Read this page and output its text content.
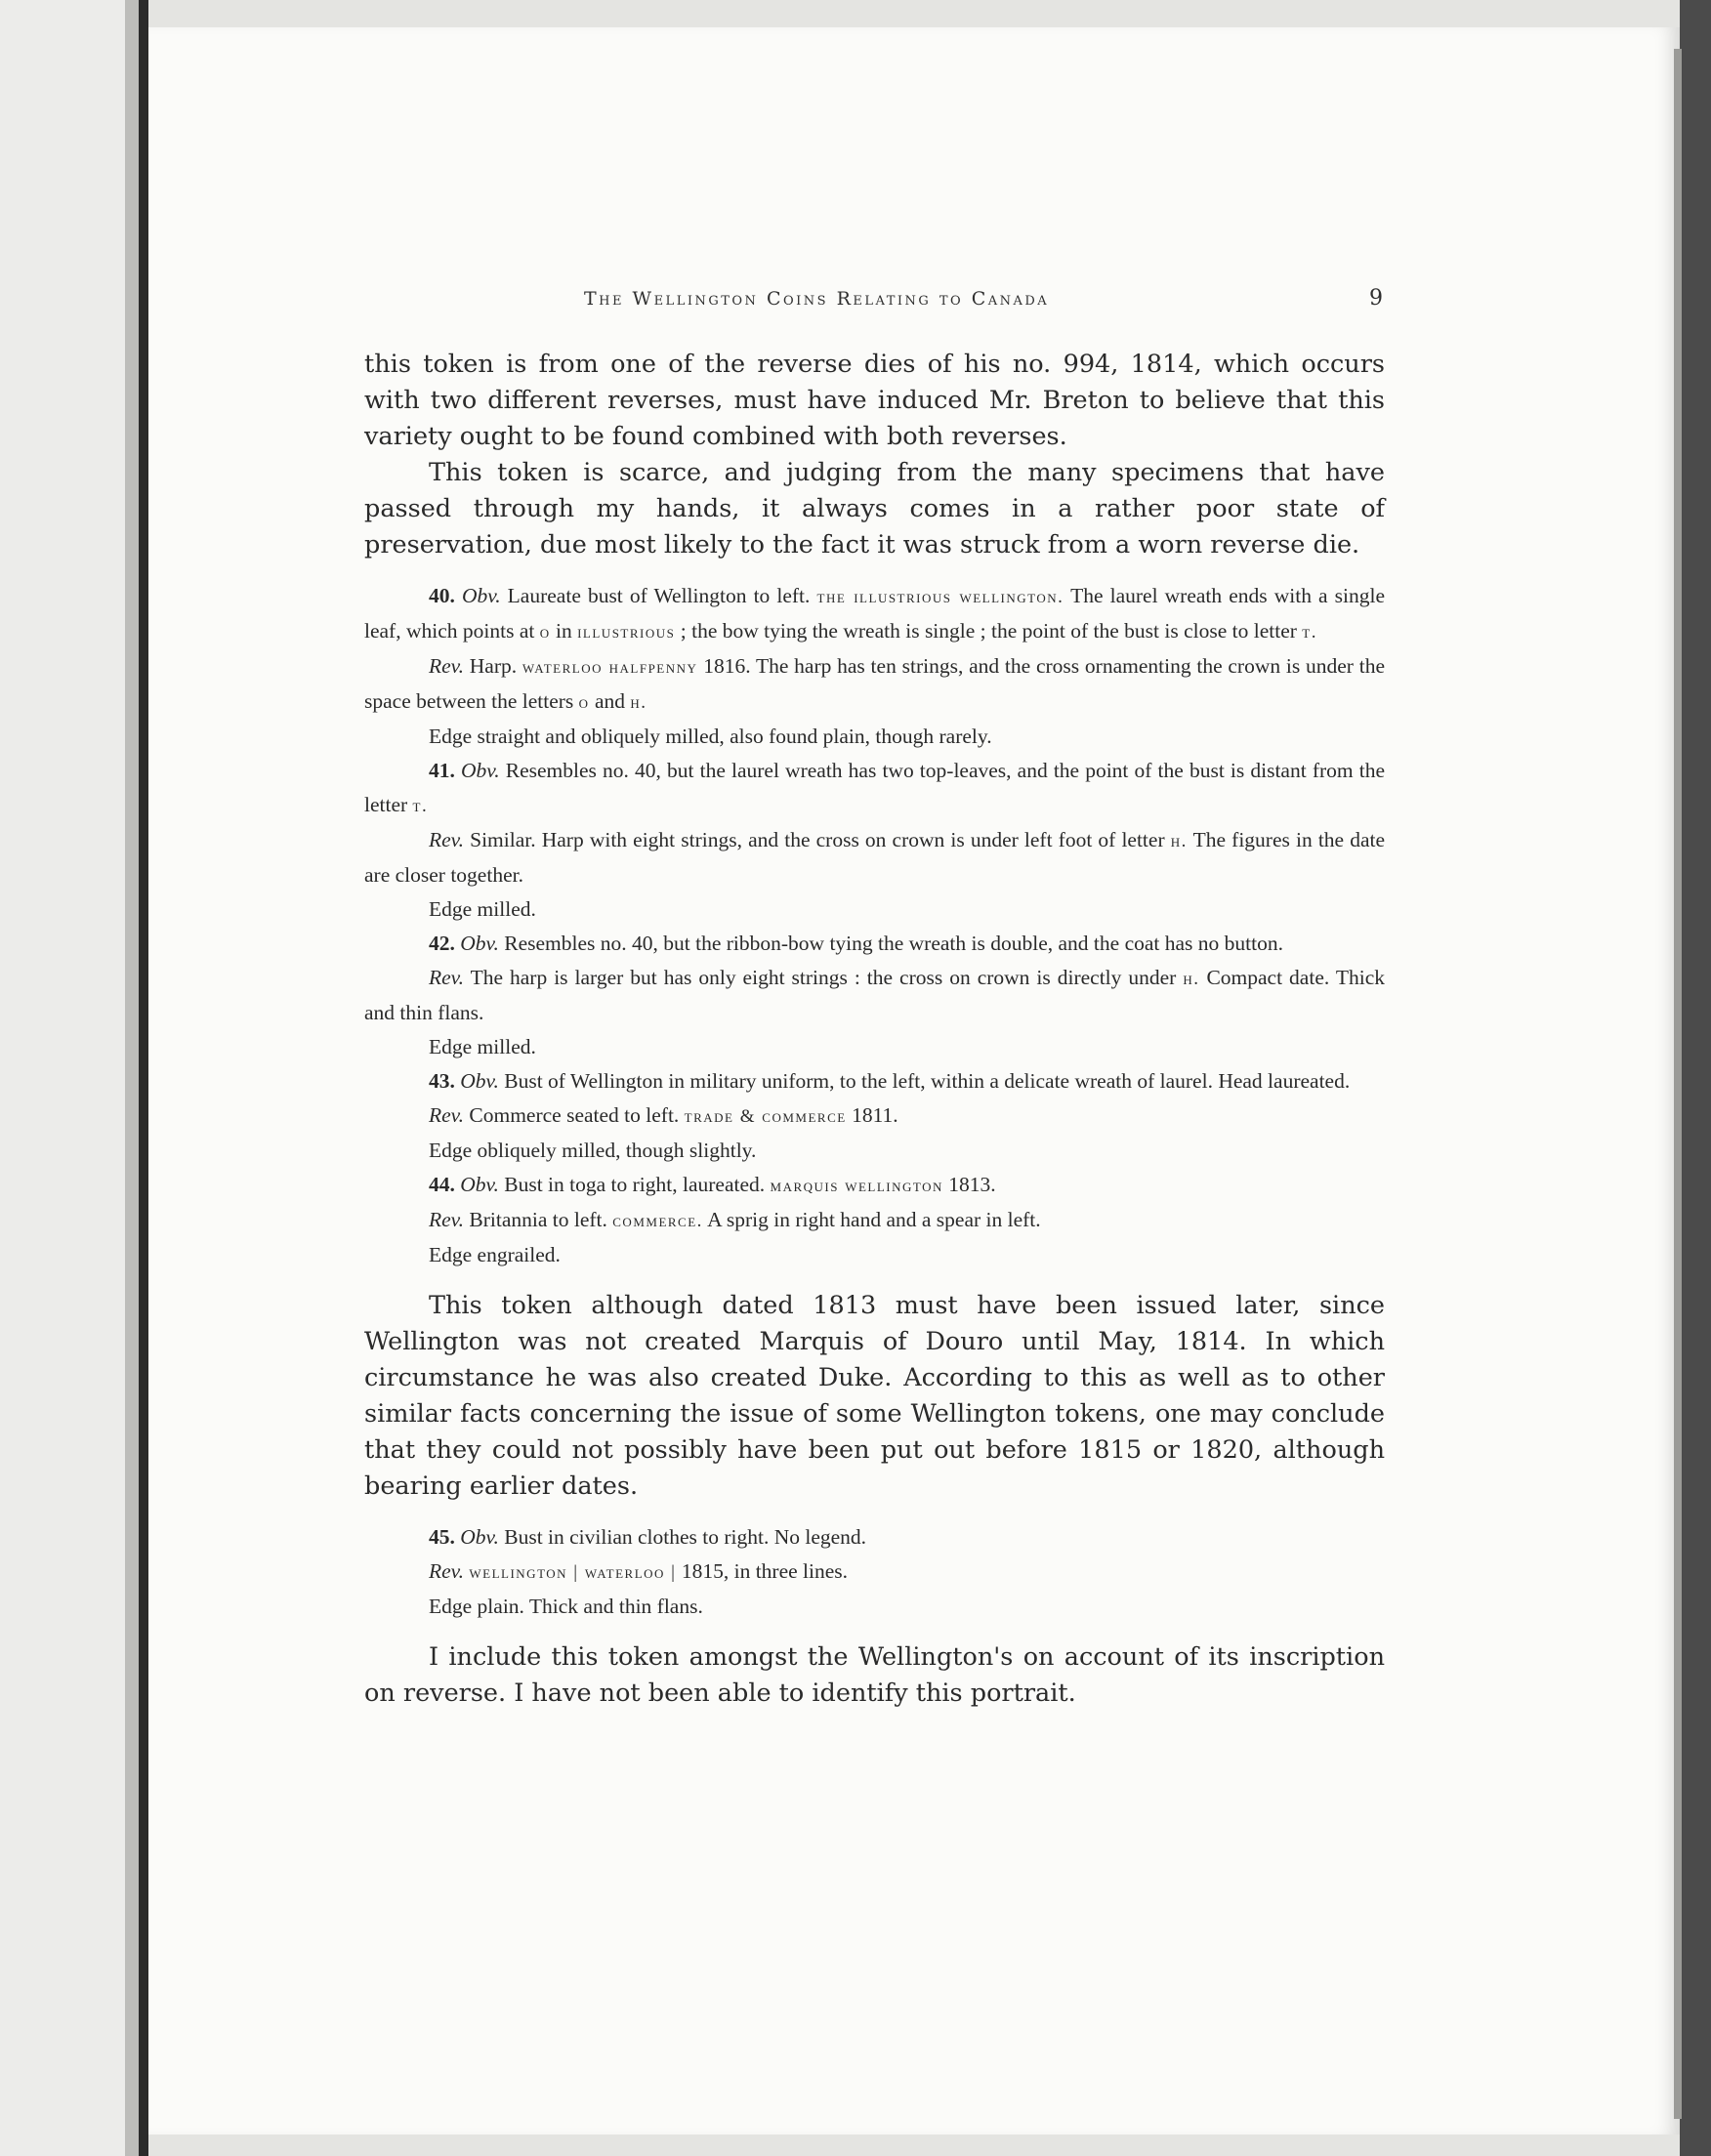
The Wellington Coins Relating to Canada	9

this token is from one of the reverse dies of his no. 994, 1814, which occurs with two different reverses, must have induced Mr. Breton to believe that this variety ought to be found combined with both reverses.

This token is scarce, and judging from the many specimens that have passed through my hands, it always comes in a rather poor state of preservation, due most likely to the fact it was struck from a worn reverse die.

40. Obv. Laureate bust of Wellington to left. the illustrious wellington. The laurel wreath ends with a single leaf, which points at o in illustrious ; the bow tying the wreath is single ; the point of the bust is close to letter t.

Rev. Harp. waterloo halfpenny 1816. The harp has ten strings, and the cross ornamenting the crown is under the space between the letters o and h.

Edge straight and obliquely milled, also found plain, though rarely.

41. Obv. Resembles no. 40, but the laurel wreath has two top-leaves, and the point of the bust is distant from the letter t.

Rev. Similar. Harp with eight strings, and the cross on crown is under left foot of letter h. The figures in the date are closer together.

Edge milled.

42. Obv. Resembles no. 40, but the ribbon-bow tying the wreath is double, and the coat has no button.

Rev. The harp is larger but has only eight strings : the cross on crown is directly under h. Compact date. Thick and thin flans.

Edge milled.

43. Obv. Bust of Wellington in military uniform, to the left, within a delicate wreath of laurel. Head laureated.

Rev. Commerce seated to left. trade & commerce 1811.

Edge obliquely milled, though slightly.

44. Obv. Bust in toga to right, laureated. marquis wellington 1813.

Rev. Britannia to left. commerce. A sprig in right hand and a spear in left.

Edge engrailed.

This token although dated 1813 must have been issued later, since Wellington was not created Marquis of Douro until May, 1814. In which circumstance he was also created Duke. According to this as well as to other similar facts concerning the issue of some Wellington tokens, one may conclude that they could not possibly have been put out before 1815 or 1820, although bearing earlier dates.

45. Obv. Bust in civilian clothes to right. No legend.

Rev. wellington | waterloo | 1815, in three lines.

Edge plain. Thick and thin flans.

I include this token amongst the Wellington's on account of its inscription on reverse. I have not been able to identify this portrait.
